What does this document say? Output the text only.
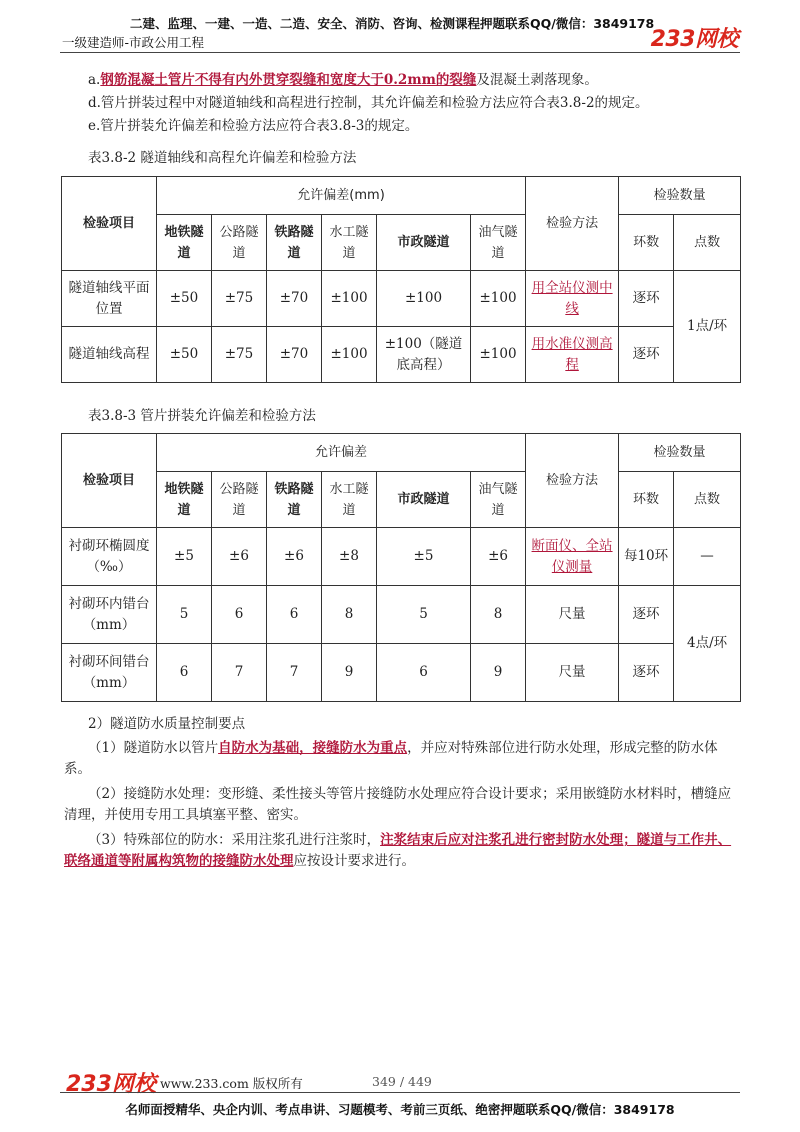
二建、监理、一建、一造、二造、安全、消防、咨询、检测课程押题联系QQ/微信：3849178
一级建造师-市政公用工程	233网校
a.钢筋混凝土管片不得有内外贯穿裂缝和宽度大于0.2mm的裂缝及混凝土剥落现象。
d.管片拼装过程中对隧道轴线和高程进行控制，其允许偏差和检验方法应符合表3.8-2的规定。
e.管片拼装允许偏差和检验方法应符合表3.8-3的规定。
表3.8-2 隧道轴线和高程允许偏差和检验方法
检验项目	允许偏差(mm)						检验方法	检验数量	
	地铁隧道	公路隧道	铁路隧道	水工隧道	市政隧道	油气隧道		环数	点数
隧道轴线平面位置	±50	±75	±70	±100	±100	±100	用全站仪测中线	逐环	1点/环
隧道轴线高程	±50	±75	±70	±100	±100（隧道底高程）	±100	用水准仪测高程	逐环	
表3.8-3 管片拼装允许偏差和检验方法
检验项目	允许偏差						检验方法	检验数量	
	地铁隧道	公路隧道	铁路隧道	水工隧道	市政隧道	油气隧道		环数	点数
衬砌环椭圆度（‰）	±5	±6	±6	±8	±5	±6	断面仪、全站仪测量	每10环	—
衬砌环内错台（mm）	5	6	6	8	5	8	尺量	逐环	4点/环
衬砌环间错台（mm）	6	7	7	9	6	9	尺量	逐环	
2）隧道防水质量控制要点
（1）隧道防水以管片自防水为基础，接缝防水为重点，并应对特殊部位进行防水处理，形成完整的防水体系。
（2）接缝防水处理：变形缝、柔性接头等管片接缝防水处理应符合设计要求；采用嵌缝防水材料时，槽缝应清理，并使用专用工具填塞平整、密实。
（3）特殊部位的防水：采用注浆孔进行注浆时，注浆结束后应对注浆孔进行密封防水处理；隧道与工作井、联络通道等附属构筑物的接缝防水处理应按设计要求进行。
233网校 www.233.com 版权所有	349 / 449
名师面授精华、央企内训、考点串讲、习题模考、考前三页纸、绝密押题联系QQ/微信：3849178
